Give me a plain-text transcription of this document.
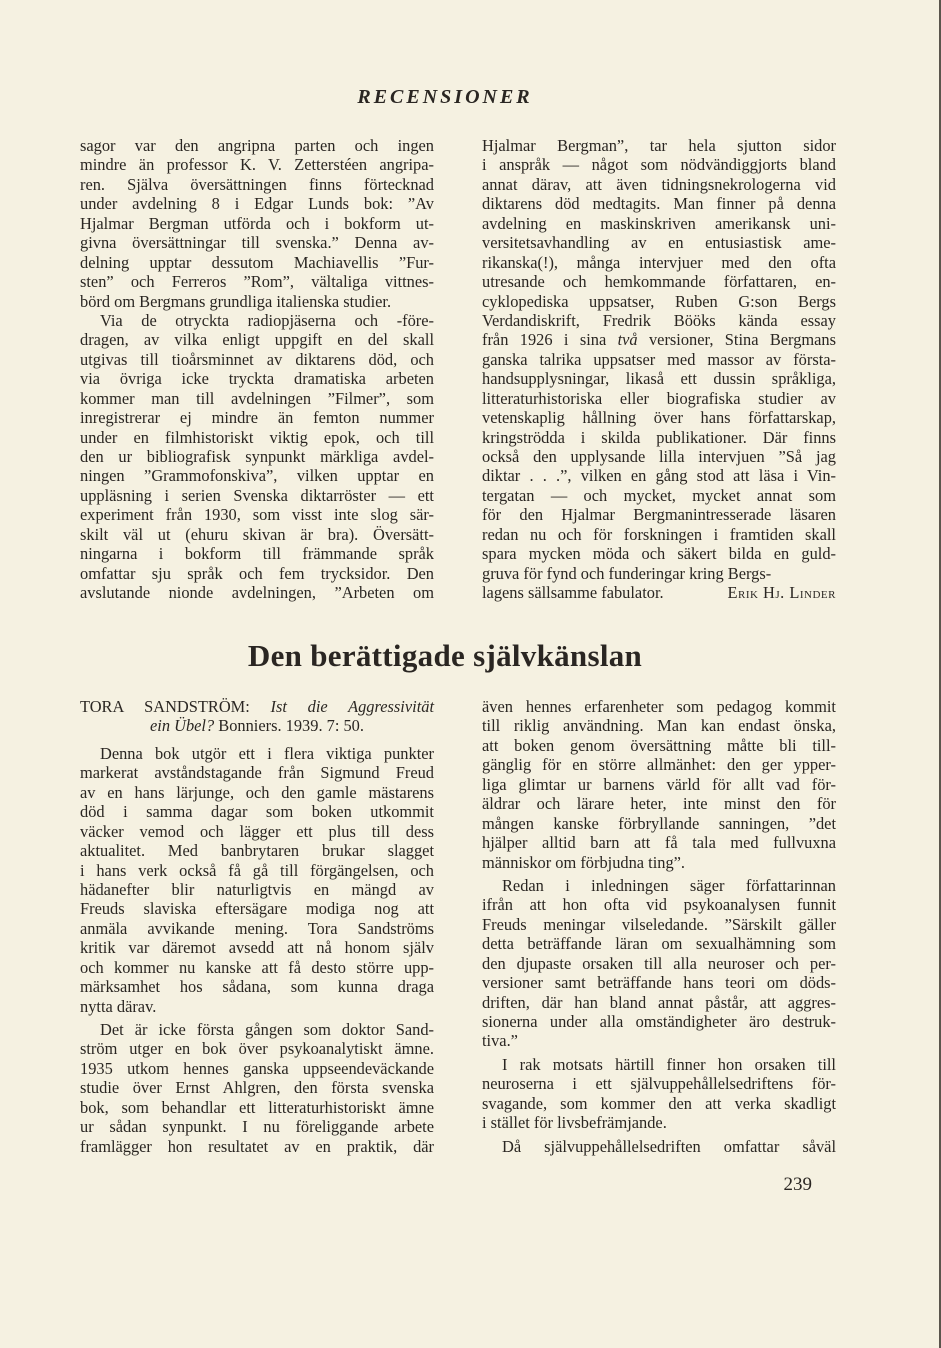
RECENSIONER
sagor var den angripna parten och ingen
mindre än professor K. V. Zetterstéen angripa-
ren. Själva översättningen finns förtecknad
under avdelning 8 i Edgar Lunds bok: ”Av
Hjalmar Bergman utförda och i bokform ut-
givna översättningar till svenska.” Denna av-
delning upptar dessutom Machiavellis ”Fur-
sten” och Ferreros ”Rom”, vältaliga vittnes-
börd om Bergmans grundliga italienska studier.
Via de otryckta radiopjäserna och -före-
dragen, av vilka enligt uppgift en del skall
utgivas till tioårsminnet av diktarens död, och
via övriga icke tryckta dramatiska arbeten
kommer man till avdelningen ”Filmer”, som
inregistrerar ej mindre än femton nummer
under en filmhistoriskt viktig epok, och till
den ur bibliografisk synpunkt märkliga avdel-
ningen ”Grammofonskiva”, vilken upptar en
uppläsning i serien Svenska diktarröster — ett
experiment från 1930, som visst inte slog sär-
skilt väl ut (ehuru skivan är bra). Översätt-
ningarna i bokform till främmande språk
omfattar sju språk och fem trycksidor. Den
avslutande nionde avdelningen, ”Arbeten om
Hjalmar Bergman”, tar hela sjutton sidor
i anspråk — något som nödvändiggjorts bland
annat därav, att även tidningsnekrologerna vid
diktarens död medtagits. Man finner på denna
avdelning en maskinskriven amerikansk uni-
versitetsavhandling av en entusiastisk ame-
rikanska(!), många intervjuer med den ofta
utresande och hemkommande författaren, en-
cyklopediska uppsatser, Ruben G:son Bergs
Verdandiskrift, Fredrik Bööks kända essay
från 1926 i sina två versioner, Stina Bergmans
ganska talrika uppsatser med massor av första-
handsupplysningar, likaså ett dussin språkliga,
litteraturhistoriska eller biografiska studier av
vetenskaplig hållning över hans författarskap,
kringströdda i skilda publikationer. Där finns
också den upplysande lilla intervjuen ”Så jag
diktar . . .”, vilken en gång stod att läsa i Vin-
tergatan — och mycket, mycket annat som
för den Hjalmar Bergmanintresserade läsaren
redan nu och för forskningen i framtiden skall
spara mycken möda och säkert bilda en guld-
gruva för fynd och funderingar kring Bergs-
lagens sällsamme fabulator.	Erik Hj. Linder
Den berättigade självkänslan
TORA SANDSTRÖM: Ist die Aggressivität
ein Übel? Bonniers. 1939. 7: 50.
Denna bok utgör ett i flera viktiga punkter
markerat avståndstagande från Sigmund Freud
av en hans lärjunge, och den gamle mästarens
död i samma dagar som boken utkommit
väcker vemod och lägger ett plus till dess
aktualitet. Med banbrytaren brukar slagget
i hans verk också få gå till förgängelsen, och
hädanefter blir naturligtvis en mängd av
Freuds slaviska eftersägare modiga nog att
anmäla avvikande mening. Tora Sandströms
kritik var däremot avsedd att nå honom själv
och kommer nu kanske att få desto större upp-
märksamhet hos sådana, som kunna draga
nytta därav.
Det är icke första gången som doktor Sand-
ström utger en bok över psykoanalytiskt ämne.
1935 utkom hennes ganska uppseendeväckande
studie över Ernst Ahlgren, den första svenska
bok, som behandlar ett litteraturhistoriskt ämne
ur sådan synpunkt. I nu föreliggande arbete
framlägger hon resultatet av en praktik, där
även hennes erfarenheter som pedagog kommit
till riklig användning. Man kan endast önska,
att boken genom översättning måtte bli till-
gänglig för en större allmänhet: den ger ypper-
liga glimtar ur barnens värld för allt vad för-
äldrar och lärare heter, inte minst den för
mången kanske förbryllande sanningen, ”det
hjälper alltid barn att få tala med fullvuxna
människor om förbjudna ting”.
Redan i inledningen säger författarinnan
ifrån att hon ofta vid psykoanalysen funnit
Freuds meningar vilseledande. ”Särskilt gäller
detta beträffande läran om sexualhämning som
den djupaste orsaken till alla neuroser och per-
versioner samt beträffande hans teori om döds-
driften, där han bland annat påstår, att aggres-
sionerna under alla omständigheter äro destruk-
tiva.”
I rak motsats härtill finner hon orsaken till
neuroserna i ett självuppehållelsedriftens för-
svagande, som kommer den att verka skadligt
i stället för livsbefrämjande.
Då självuppehållelsedriften omfattar såväl
239
